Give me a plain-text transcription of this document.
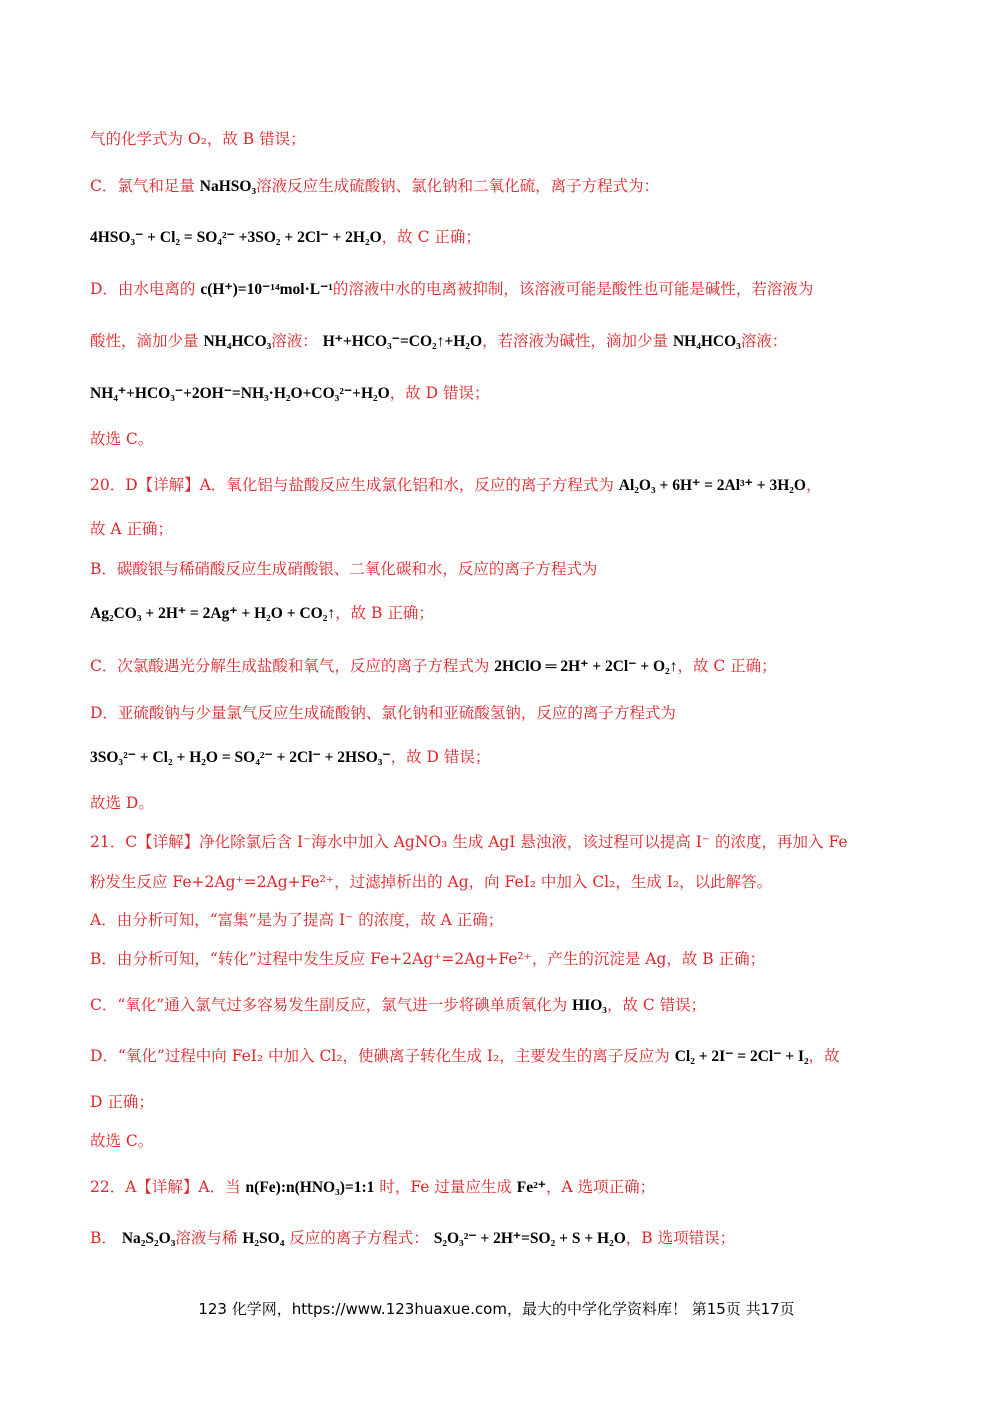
气的化学式为 O₂，故 B 错误；
C．氯气和足量 NaHSO₃溶液反应生成硫酸钠、氯化钠和二氧化硫，离子方程式为：
4HSO₃⁻ + Cl₂ = SO₄²⁻ +3SO₂ + 2Cl⁻ + 2H₂O，故 C 正确；
D．由水电离的 c(H⁺)=10⁻¹⁴mol·L⁻¹的溶液中水的电离被抑制，该溶液可能是酸性也可能是碱性，若溶液为
酸性，滴加少量 NH₄HCO₃溶液： H⁺+HCO₃⁻=CO₂↑+H₂O，若溶液为碱性，滴加少量 NH₄HCO₃溶液：
NH₄⁺+HCO₃⁻+2OH⁻=NH₃·H₂O+CO₃²⁻+H₂O，故 D 错误；
故选 C。
20．D【详解】A．氧化铝与盐酸反应生成氯化铝和水，反应的离子方程式为 Al₂O₃ + 6H⁺ = 2Al³⁺ + 3H₂O，
故 A 正确；
B．碳酸银与稀硝酸反应生成硝酸银、二氧化碳和水，反应的离子方程式为
Ag₂CO₃ + 2H⁺ = 2Ag⁺ + H₂O + CO₂↑，故 B 正确；
C．次氯酸遇光分解生成盐酸和氧气，反应的离子方程式为 2HClO ═ 2H⁺ + 2Cl⁻ + O₂↑，故 C 正确；
D．亚硫酸钠与少量氯气反应生成硫酸钠、氯化钠和亚硫酸氢钠，反应的离子方程式为
3SO₃²⁻ + Cl₂ + H₂O = SO₄²⁻ + 2Cl⁻ + 2HSO₃⁻，故 D 错误；
故选 D。
21．C【详解】净化除氯后含 I⁻海水中加入 AgNO₃ 生成 AgI 悬浊液，该过程可以提高 I⁻ 的浓度，再加入 Fe
粉发生反应 Fe+2Ag⁺=2Ag+Fe²⁺，过滤掉析出的 Ag，向 FeI₂ 中加入 Cl₂，生成 I₂，以此解答。
A．由分析可知，“富集”是为了提高 I⁻ 的浓度，故 A 正确；
B．由分析可知，“转化”过程中发生反应 Fe+2Ag⁺=2Ag+Fe²⁺，产生的沉淀是 Ag，故 B 正确；
C．“氧化”通入氯气过多容易发生副反应，氯气进一步将碘单质氧化为 HIO₃，故 C 错误；
D．“氧化”过程中向 FeI₂ 中加入 Cl₂，使碘离子转化生成 I₂，主要发生的离子反应为 Cl₂ + 2I⁻ = 2Cl⁻ + I₂，故
D 正确；
故选 C。
22．A【详解】A．当 n(Fe):n(HNO₃)=1:1 时，Fe 过量应生成 Fe²⁺，A 选项正确；
B． Na₂S₂O₃溶液与稀 H₂SO₄ 反应的离子方程式： S₂O₃²⁻ + 2H⁺=SO₂ + S + H₂O，B 选项错误；
123 化学网，https://www.123huaxue.com，最大的中学化学资料库！ 第15页 共17页
